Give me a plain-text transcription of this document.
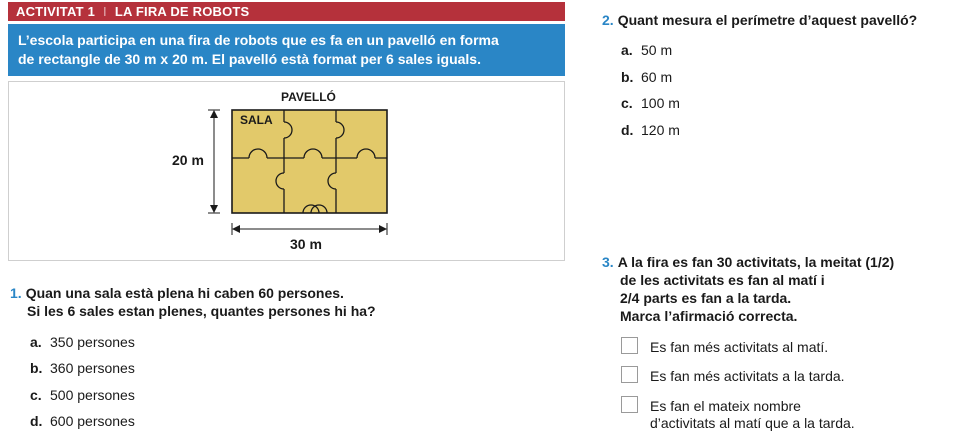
ACTIVITAT 1 I LA FIRA DE ROBOTS
L’escola participa en una fira de robots que es fa en un pavelló en forma
de rectangle de 30 m x 20 m. El pavelló està format per 6 sales iguals.
PAVELLÓ
SALA
20 m
30 m
1. Quan una sala està plena hi caben 60 persones.
Si les 6 sales estan plenes, quantes persones hi ha?
a. 350 persones
b. 360 persones
c. 500 persones
d. 600 persones
2. Quant mesura el perímetre d’aquest pavelló?
a. 50 m
b. 60 m
c. 100 m
d. 120 m
3. A la fira es fan 30 activitats, la meitat (1/2)
de les activitats es fan al matí i
2/4 parts es fan a la tarda.
Marca l’afirmació correcta.
Es fan més activitats al matí.
Es fan més activitats a la tarda.
Es fan el mateix nombre
d’activitats al matí que a la tarda.
